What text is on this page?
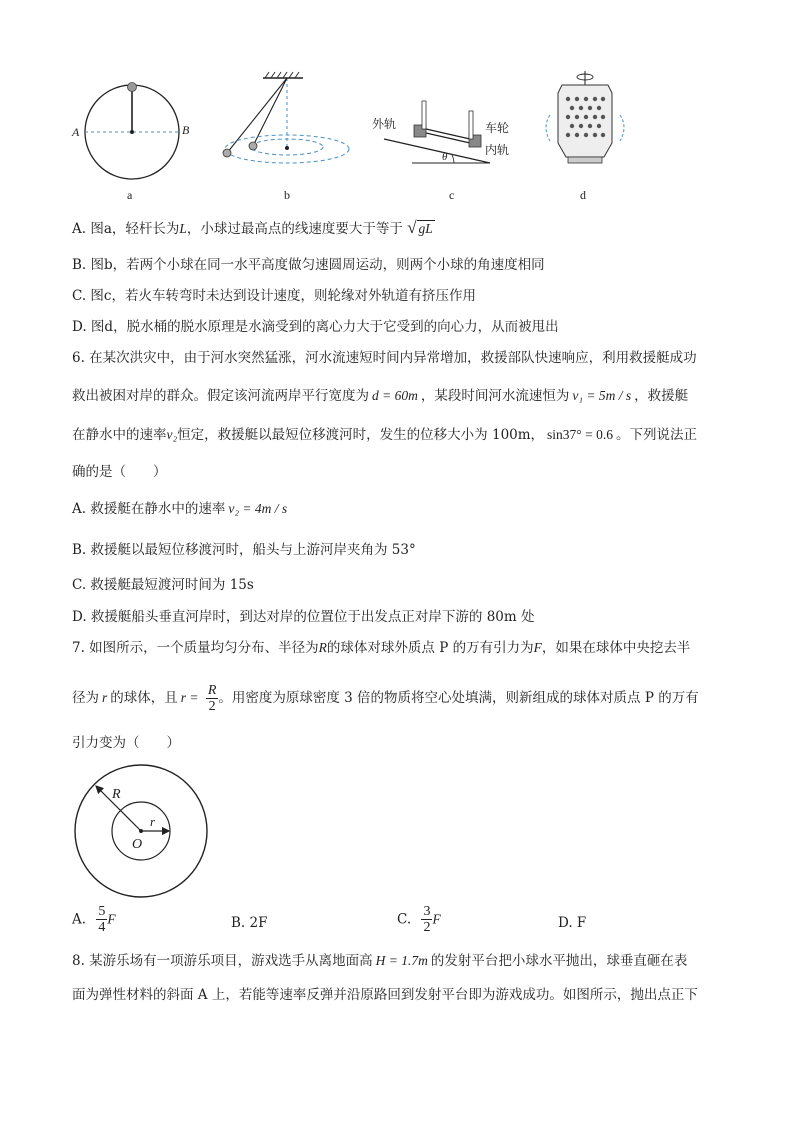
A	B
a	b
外轨	车轮
内轨
θ
c	d
A. 图a，轻杆长为L，小球过最高点的线速度要大于等于 √ gL
B. 图b，若两个小球在同一水平高度做匀速圆周运动，则两个小球的角速度相同
C. 图c，若火车转弯时未达到设计速度，则轮缘对外轨道有挤压作用
D. 图d，脱水桶的脱水原理是水滴受到的离心力大于它受到的向心力，从而被甩出
6. 在某次洪灾中，由于河水突然猛涨，河水流速短时间内异常增加，救援部队快速响应，利用救援艇成功
救出被困对岸的群众。假定该河流两岸平行宽度为 d = 60m ，某段时间河水流速恒为 v₁ = 5m / s ，救援艇
在静水中的速率v₂恒定，救援艇以最短位移渡河时，发生的位移大小为 100m， sin37° = 0.6 。下列说法正
确的是（　　）
A. 救援艇在静水中的速率 v₂ = 4m / s
B. 救援艇以最短位移渡河时，船头与上游河岸夹角为 53°
C. 救援艇最短渡河时间为 15s
D. 救援艇船头垂直河岸时，到达对岸的位置位于出发点正对岸下游的 80m 处
7. 如图所示，一个质量均匀分布、半径为R的球体对球外质点 P 的万有引力为F，如果在球体中央挖去半
径为 r 的球体，且 $r = \frac{R}{2}$ 。用密度为原球密度 3 倍的物质将空心处填满，则新组成的球体对质点 P 的万有
引力变为（　　）
R
r
O
A. $\frac{5}{4}$ F	B. 2F	C. $\frac{3}{2}$ F	D. F
8. 某游乐场有一项游乐项目，游戏选手从离地面高 H = 1.7m 的发射平台把小球水平抛出，球垂直砸在表
面为弹性材料的斜面 A 上，若能等速率反弹并沿原路回到发射平台即为游戏成功。如图所示，抛出点正下
